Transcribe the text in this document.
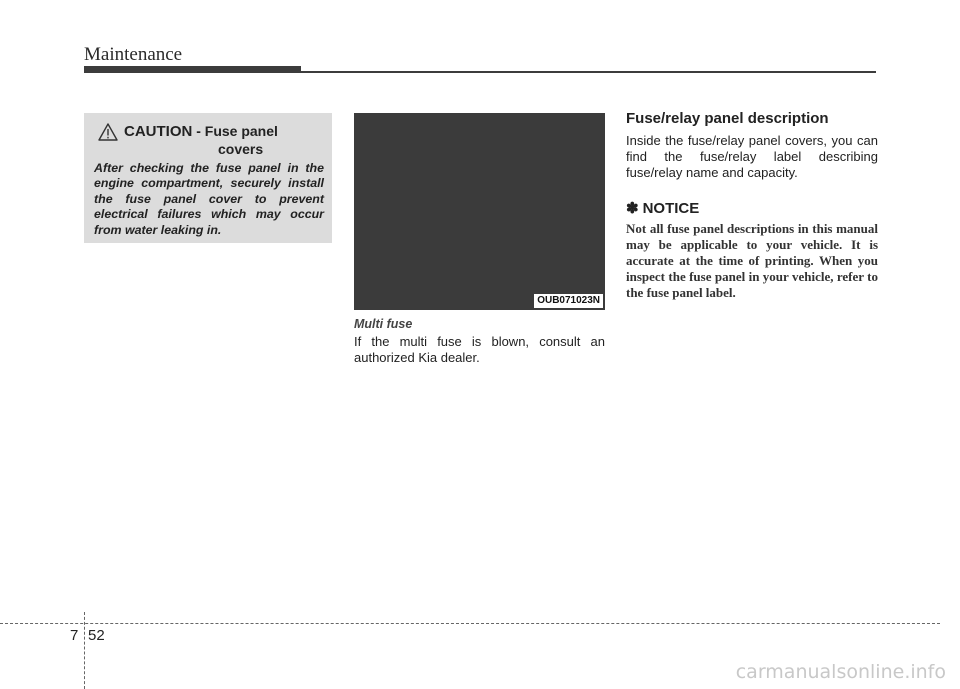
Maintenance
CAUTION - Fuse panel
covers
After checking the fuse panel in the engine compartment, securely install the fuse panel cover to prevent electrical failures which may occur from water leaking in.
OUB071023N
Multi fuse
If the multi fuse is blown, consult an authorized Kia dealer.
Fuse/relay panel description
Inside the fuse/relay panel covers, you can find the fuse/relay label describing fuse/relay name and capacity.
✽ NOTICE
Not all fuse panel descriptions in this manual may be applicable to your vehicle. It is accurate at the time of printing. When you inspect the fuse panel in your vehicle, refer to the fuse panel label.
7 52
carmanualsonline.info
